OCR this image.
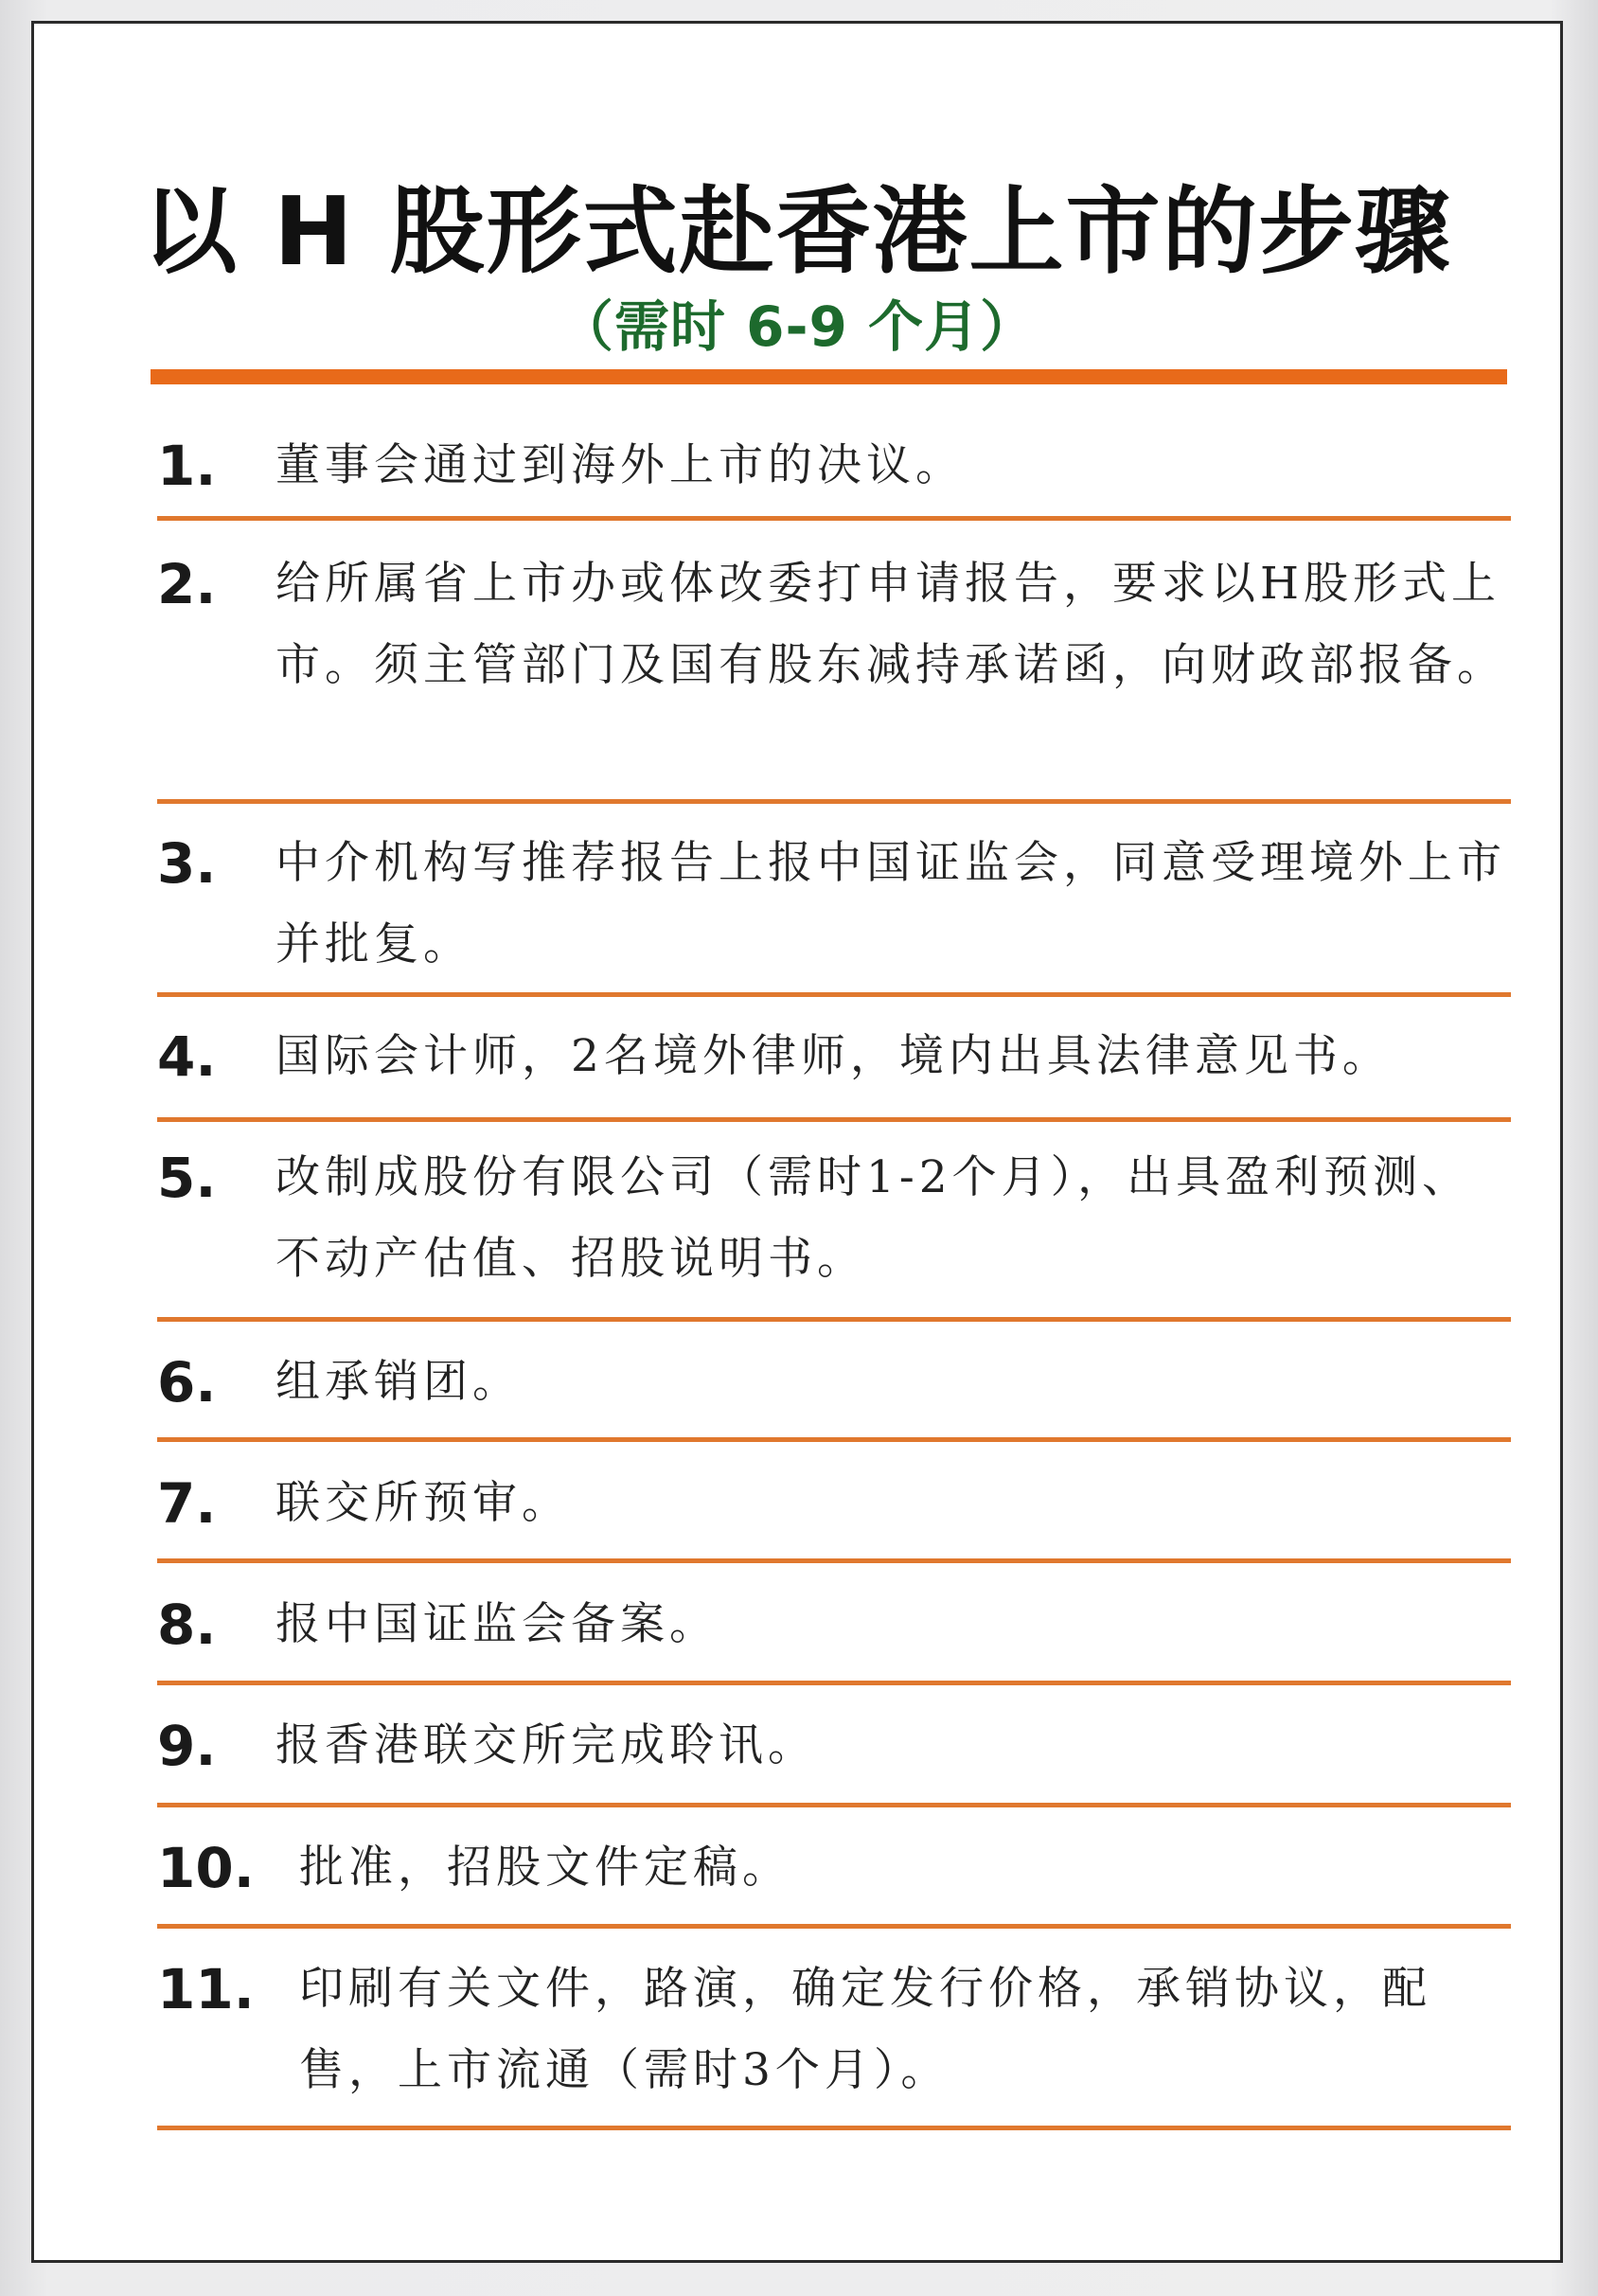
以 H 股形式赴香港上市的步骤
（需时 6-9 个月）
1. 董事会通过到海外上市的决议。
2. 给所属省上市办或体改委打申请报告，要求以H股形式上市。须主管部门及国有股东减持承诺函，向财政部报备。
3. 中介机构写推荐报告上报中国证监会，同意受理境外上市并批复。
4. 国际会计师，2名境外律师，境内出具法律意见书。
5. 改制成股份有限公司（需时1-2个月），出具盈利预测、不动产估值、招股说明书。
6. 组承销团。
7. 联交所预审。
8. 报中国证监会备案。
9. 报香港联交所完成聆讯。
10. 批准，招股文件定稿。
11. 印刷有关文件，路演，确定发行价格，承销协议，配售，上市流通（需时3个月）。
